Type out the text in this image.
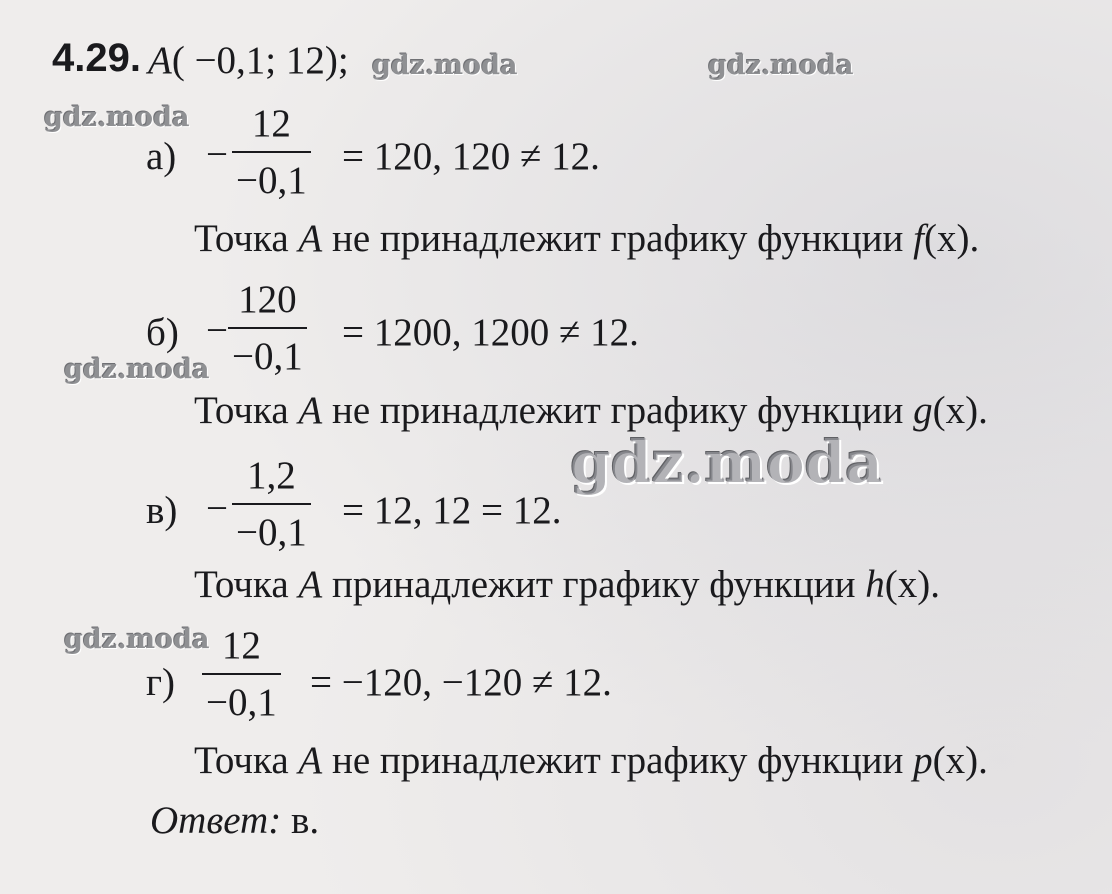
4.29. A( −0,1; 12); gdz.moda	gdz.moda
gdz.moda
а) −
12
−0,1
= 120, 120 ≠ 12.
Точка A не принадлежит графику функции f(x).
б) −
120
−0,1
= 1200, 1200 ≠ 12.
gdz.moda
Точка A не принадлежит графику функции g(x).
в) −
1,2
−0,1
= 12, 12 = 12.
gdz.moda
Точка A принадлежит графику функции h(x).
gdz.moda
г)
12
−0,1 = −120, −120 ≠ 12.
Точка A не принадлежит графику функции p(x).
Ответ: в.
